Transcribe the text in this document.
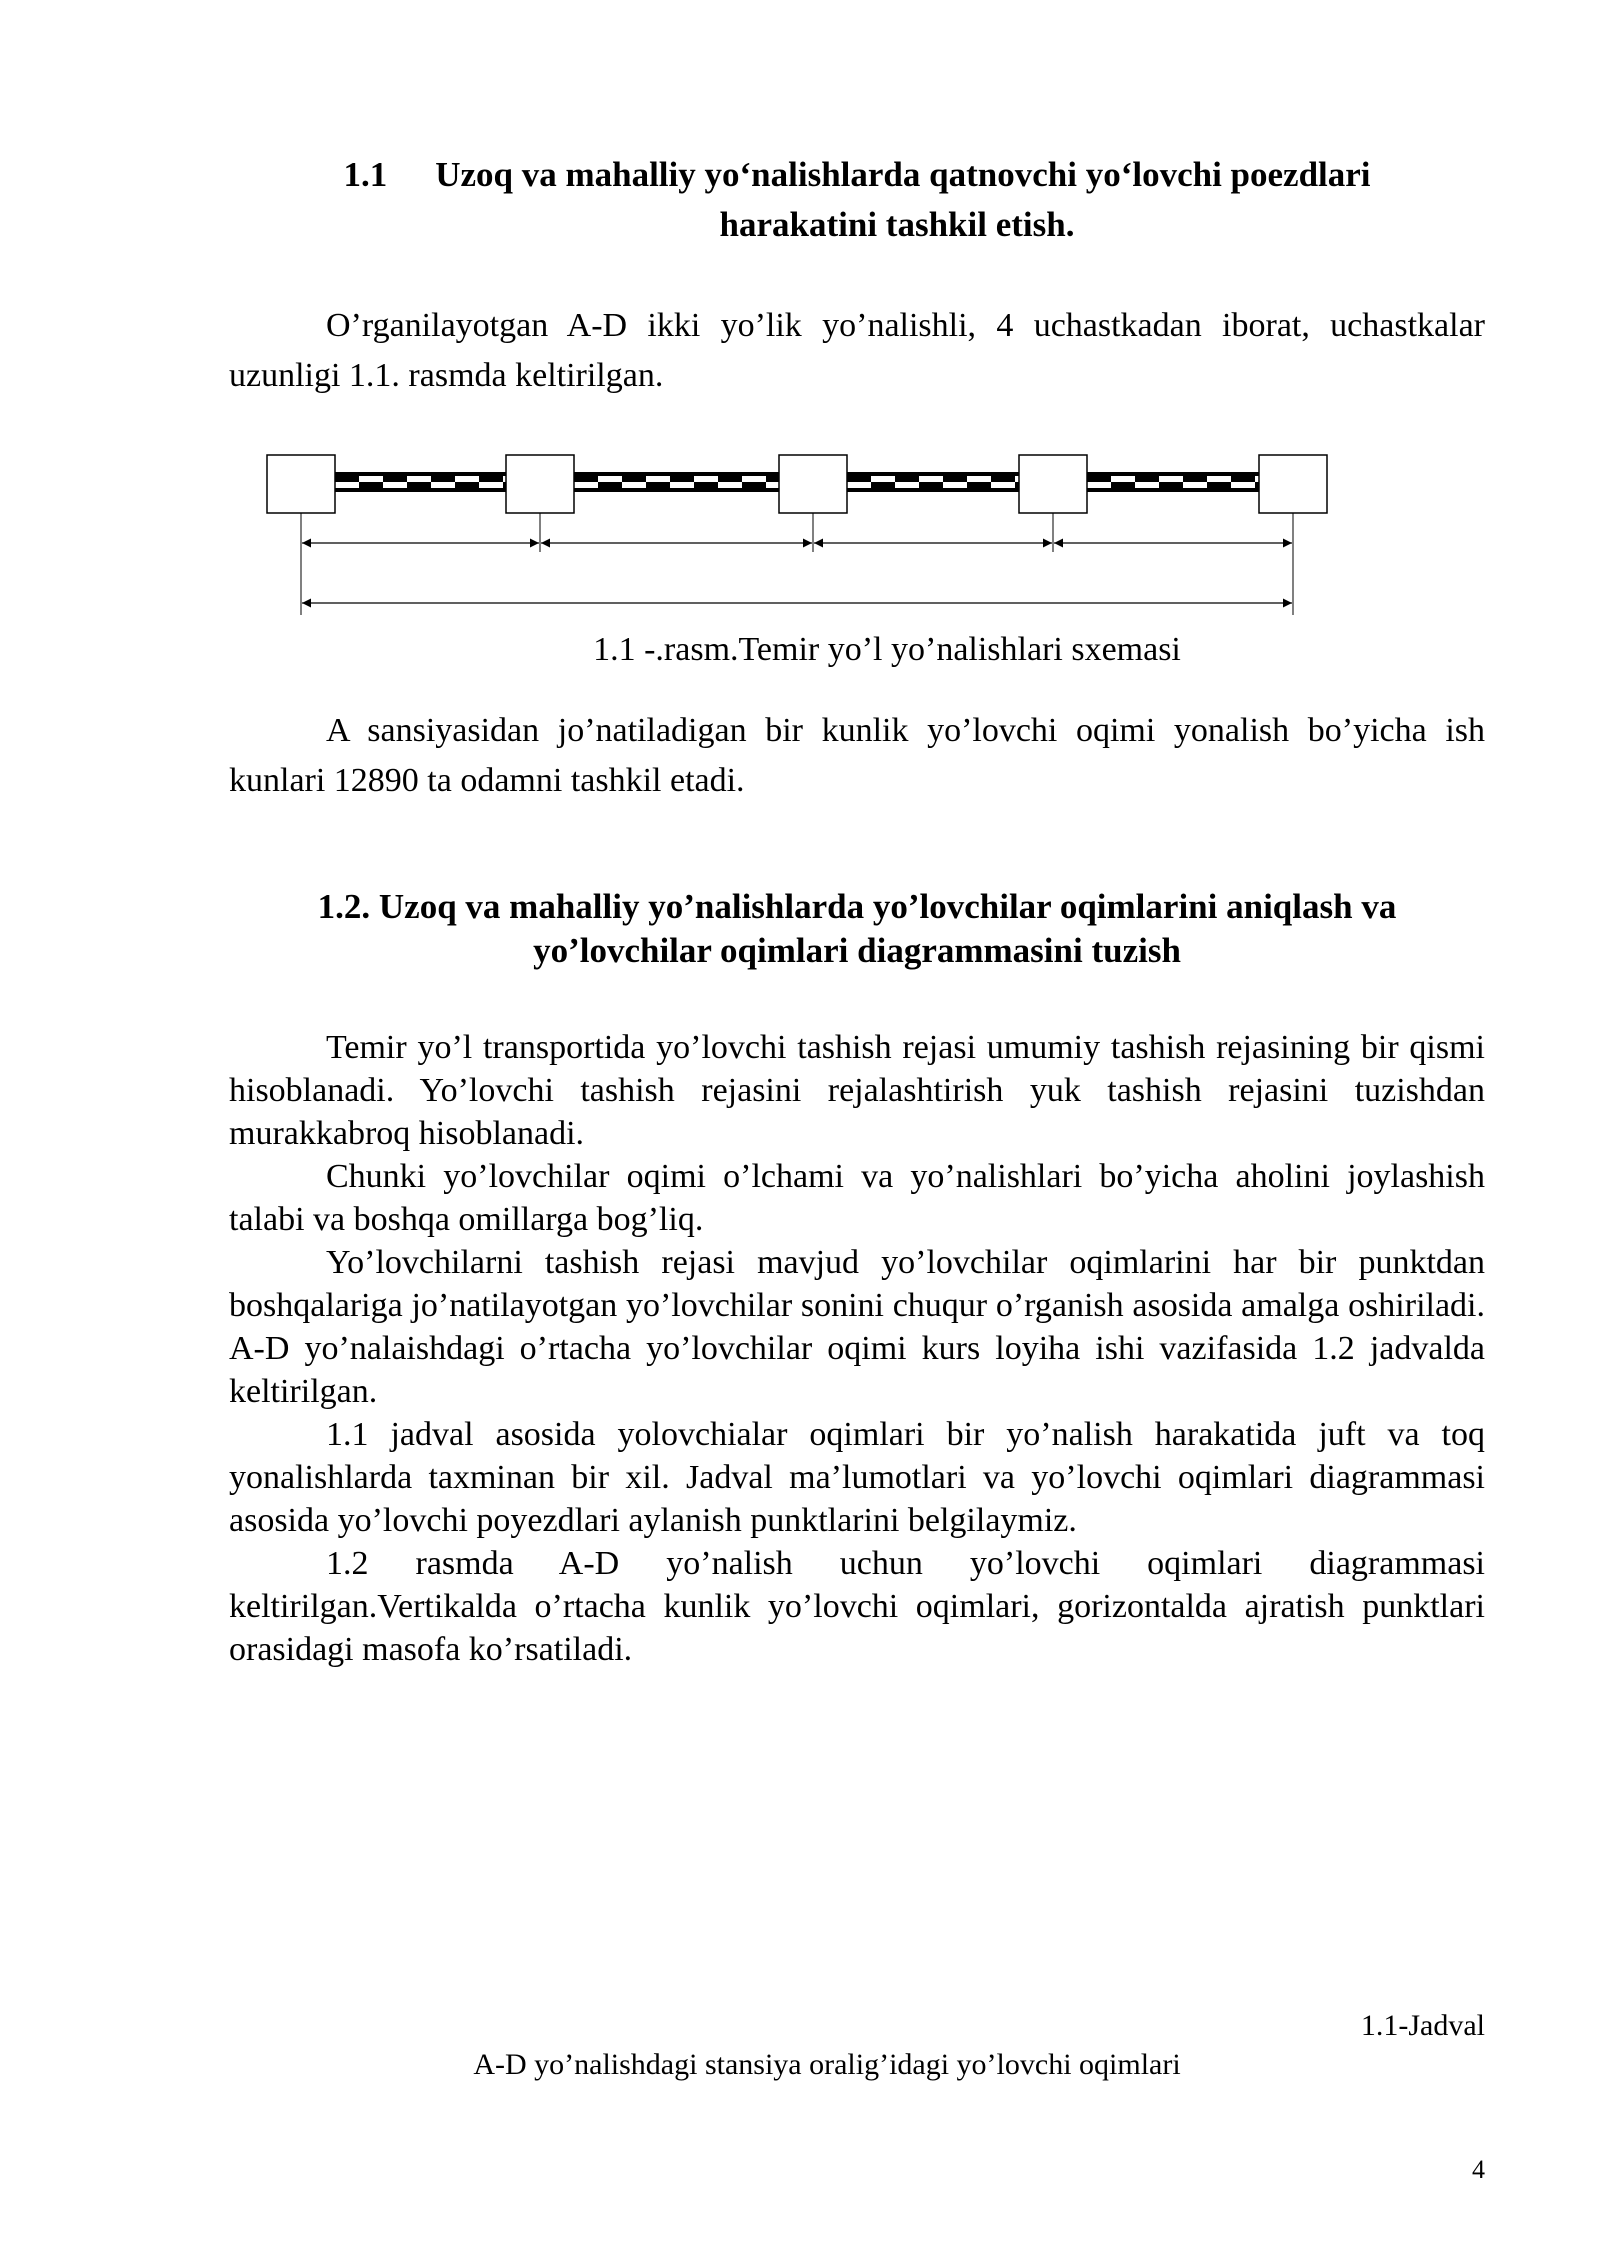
1.1 Uzoq va mahalliy yo‘nalishlarda qatnovchi yo‘lovchi poezdlari
harakatini tashkil etish.

O’rganilayotgan A-D ikki yo’lik yo’nalishli, 4 uchastkadan iborat, uchastkalar uzunligi 1.1. rasmda keltirilgan.

1.1 -.rasm.Temir yo’l yo’nalishlari sxemasi

A sansiyasidan jo’natiladigan bir kunlik yo’lovchi oqimi yonalish bo’yicha ish kunlari 12890 ta odamni tashkil etadi.

1.2. Uzoq va mahalliy yo’nalishlarda yo’lovchilar oqimlarini aniqlash va
yo’lovchilar oqimlari diagrammasini tuzish

Temir yo’l transportida yo’lovchi tashish rejasi umumiy tashish rejasining bir qismi hisoblanadi. Yo’lovchi tashish rejasini rejalashtirish yuk tashish rejasini tuzishdan murakkabroq hisoblanadi.

Chunki yo’lovchilar oqimi o’lchami va yo’nalishlari bo’yicha aholini joylashish talabi va boshqa omillarga bog’liq.

Yo’lovchilarni tashish rejasi mavjud yo’lovchilar oqimlarini har bir punktdan boshqalariga jo’natilayotgan yo’lovchilar sonini chuqur o’rganish asosida amalga oshiriladi. A-D yo’nalaishdagi o’rtacha yo’lovchilar oqimi kurs loyiha ishi vazifasida 1.2 jadvalda keltirilgan.

1.1 jadval asosida yolovchialar oqimlari bir yo’nalish harakatida juft va toq yonalishlarda taxminan bir xil. Jadval ma’lumotlari va yo’lovchi oqimlari diagrammasi asosida yo’lovchi poyezdlari aylanish punktlarini belgilaymiz.

1.2 rasmda A-D yo’nalish uchun yo’lovchi oqimlari diagrammasi keltirilgan.Vertikalda o’rtacha kunlik yo’lovchi oqimlari, gorizontalda ajratish punktlari orasidagi masofa ko’rsatiladi.

1.1-Jadval
A-D yo’nalishdagi stansiya oralig’idagi yo’lovchi oqimlari
4
